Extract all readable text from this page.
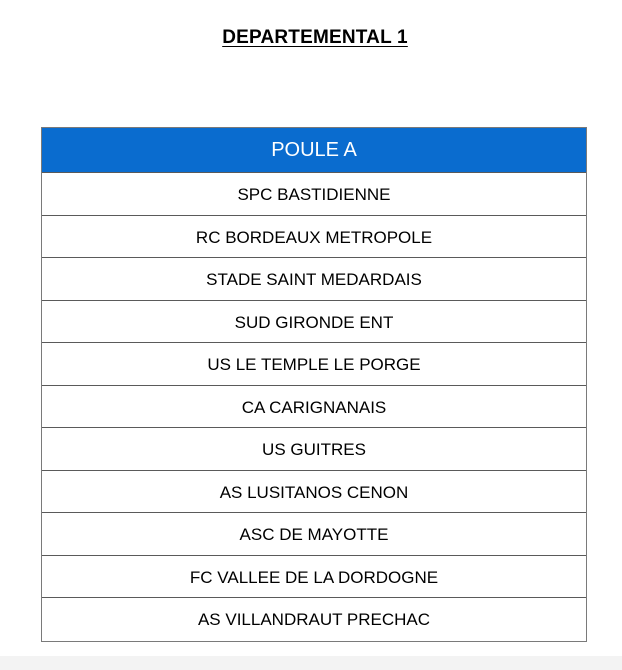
DEPARTEMENTAL 1
POULE A
SPC BASTIDIENNE
RC BORDEAUX METROPOLE
STADE SAINT MEDARDAIS
SUD GIRONDE ENT
US LE TEMPLE LE PORGE
CA CARIGNANAIS
US GUITRES
AS LUSITANOS CENON
ASC DE MAYOTTE
FC VALLEE DE LA DORDOGNE
AS VILLANDRAUT PRECHAC
